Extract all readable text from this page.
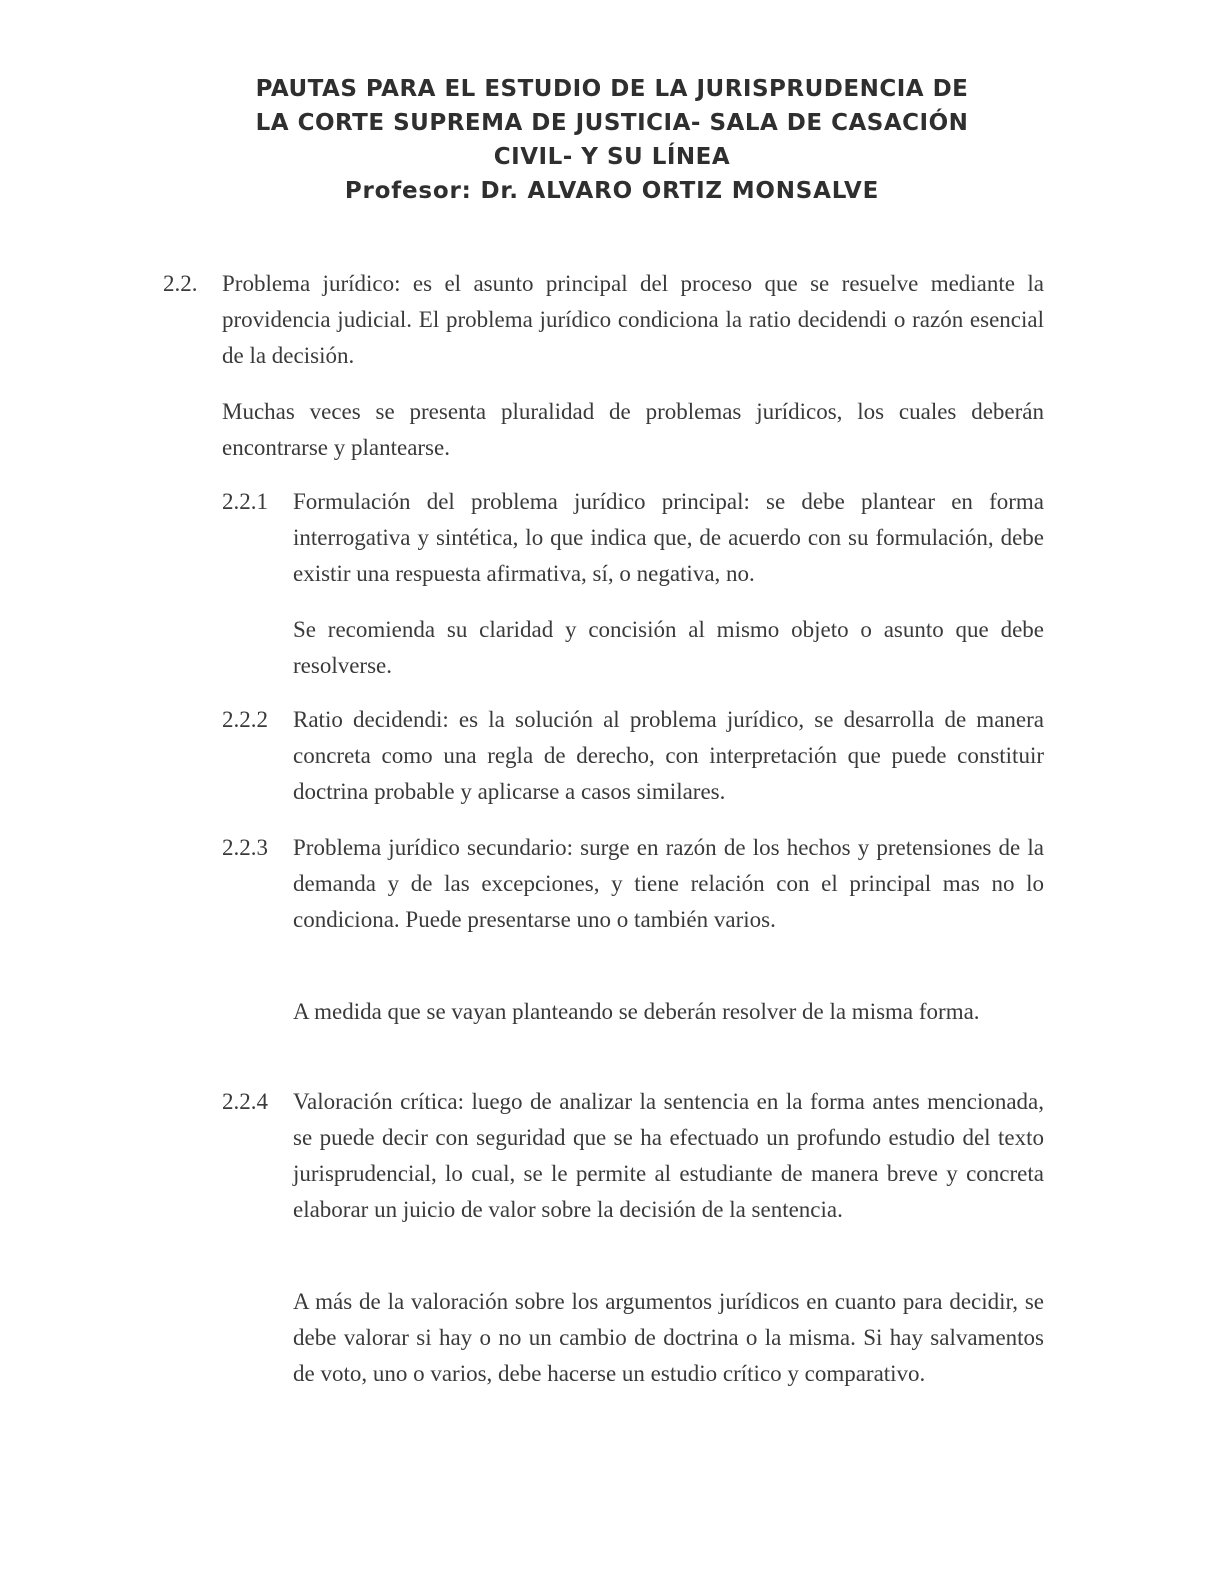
PAUTAS PARA EL ESTUDIO DE LA JURISPRUDENCIA DE
LA CORTE SUPREMA DE JUSTICIA- SALA DE CASACIÓN
CIVIL- Y SU LÍNEA
Profesor: Dr. ALVARO ORTIZ MONSALVE
2.2. Problema jurídico: es el asunto principal del proceso que se resuelve mediante la providencia judicial. El problema jurídico condiciona la ratio decidendi o razón esencial de la decisión.
Muchas veces se presenta pluralidad de problemas jurídicos, los cuales deberán encontrarse y plantearse.
2.2.1 Formulación del problema jurídico principal: se debe plantear en forma interrogativa y sintética, lo que indica que, de acuerdo con su formulación, debe existir una respuesta afirmativa, sí, o negativa, no.
Se recomienda su claridad y concisión al mismo objeto o asunto que debe resolverse.
2.2.2 Ratio decidendi: es la solución al problema jurídico, se desarrolla de manera concreta como una regla de derecho, con interpretación que puede constituir doctrina probable y aplicarse a casos similares.
2.2.3 Problema jurídico secundario: surge en razón de los hechos y pretensiones de la demanda y de las excepciones, y tiene relación con el principal mas no lo condiciona. Puede presentarse uno o también varios.
A medida que se vayan planteando se deberán resolver de la misma forma.
2.2.4 Valoración crítica: luego de analizar la sentencia en la forma antes mencionada, se puede decir con seguridad que se ha efectuado un profundo estudio del texto jurisprudencial, lo cual, se le permite al estudiante de manera breve y concreta elaborar un juicio de valor sobre la decisión de la sentencia.
A más de la valoración sobre los argumentos jurídicos en cuanto para decidir, se debe valorar si hay o no un cambio de doctrina o la misma. Si hay salvamentos de voto, uno o varios, debe hacerse un estudio crítico y comparativo.
